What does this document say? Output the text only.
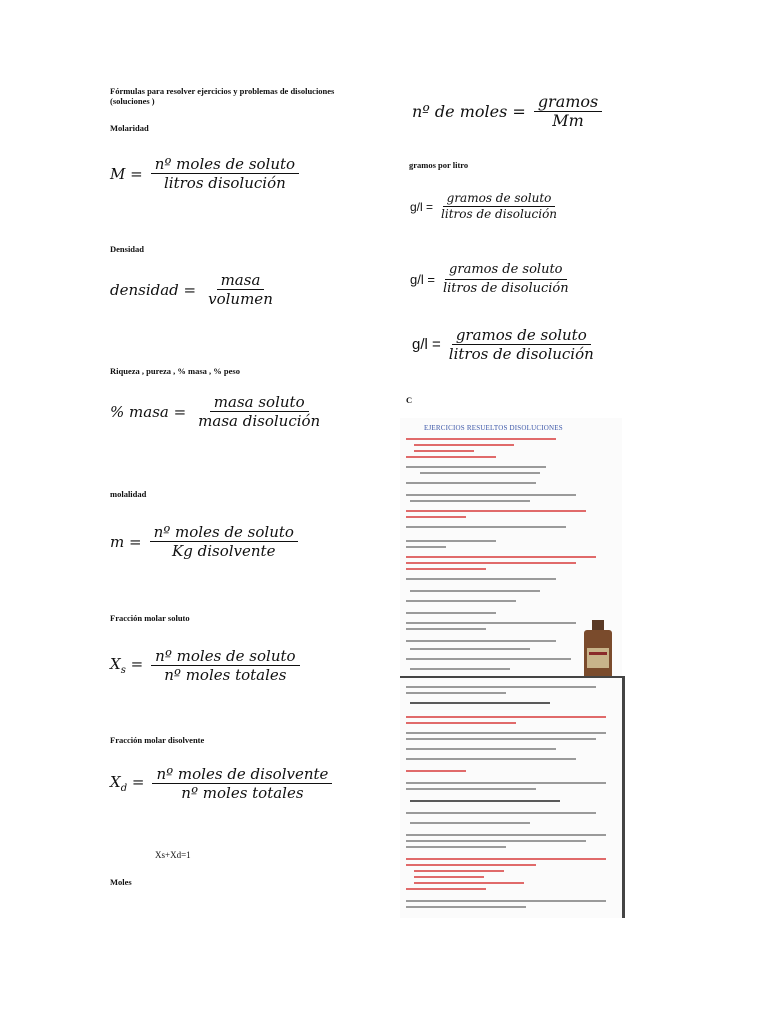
Fórmulas para resolver ejercicios y problemas de disoluciones (soluciones )
Molaridad
$M = \frac{\text{nº moles de soluto}}{\text{litros disolución}}$
Densidad
densidad = $\frac{\text{masa}}{\text{volumen}}$
Riqueza , pureza , % masa , % peso
% masa = $\frac{\text{masa soluto}}{\text{masa disolución}}$
molalidad
$m = \frac{\text{nº moles de soluto}}{\text{Kg disolvente}}$
Fracción molar soluto
$X_s = \frac{\text{nº moles de soluto}}{\text{nº moles totales}}$
Fracción molar disolvente
$X_d = \frac{\text{nº moles de disolvente}}{\text{nº moles totales}}$
Xs+Xd=1
Moles
nº de moles = $\frac{\text{gramos}}{Mm}$
gramos por litro
$g/l = \frac{\text{gramos de soluto}}{\text{litros de disolución}}$
$g/l = \frac{\text{gramos de soluto}}{\text{litros de disolución}}$
$g/l = \frac{\text{gramos de soluto}}{\text{litros de disolución}}$
C
EJERCICIOS RESUELTOS DISOLUCIONES
